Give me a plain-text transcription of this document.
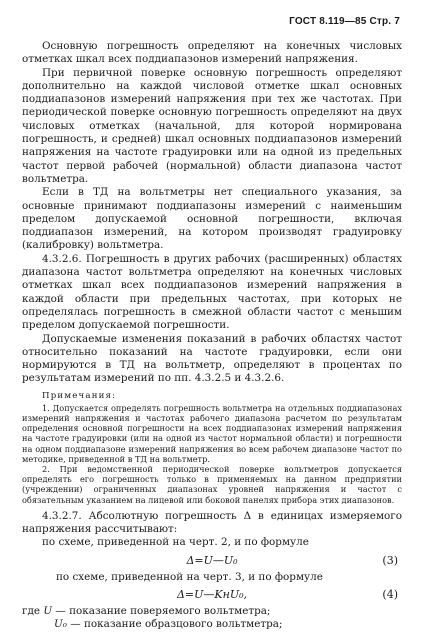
ГОСТ 8.119—85 Стр. 7

Основную погрешность определяют на конечных числовых отметках шкал всех поддиапазонов измерений напряжения.

При первичной поверке основную погрешность определяют дополнительно на каждой числовой отметке шкал основных поддиапазонов измерений напряжения при тех же частотах. При периодической поверке основную погрешность определяют на двух числовых отметках (начальной, для которой нормирована погрешность, и средней) шкал основных поддиапазонов измерений напряжения на частоте градуировки или на одной из предельных частот первой рабочей (нормальной) области диапазона частот вольтметра.

Если в ТД на вольтметры нет специального указания, за основные принимают поддиапазоны измерений с наименьшим пределом допускаемой основной погрешности, включая поддиапазон измерений, на котором производят градуировку (калибровку) вольтметра.

4.3.2.6. Погрешность в других рабочих (расширенных) областях диапазона частот вольтметра определяют на конечных числовых отметках шкал всех поддиапазонов измерений напряжения в каждой области при предельных частотах, при которых не определялась погрешность в смежной области частот с меньшим пределом допускаемой погрешности.

Допускаемые изменения показаний в рабочих областях частот относительно показаний на частоте градуировки, если они нормируются в ТД на вольтметр, определяют в процентах по результатам измерений по пп. 4.3.2.5 и 4.3.2.6.

Примечания:

1. Допускается определять погрешность вольтметра на отдельных поддиапазонах измерений напряжения и частотах рабочего диапазона расчетом по результатам определения основной погрешности на всех поддиапазонах измерений напряжения на частоте градуировки (или на одной из частот нормальной области) и погрешности на одном поддиапазоне измерений напряжения во всем рабочем диапазоне частот по методике, приведенной в ТД на вольтметр.

2. При ведомственной периодической поверке вольтметров допускается определять его погрешность только в применяемых на данном предприятии (учреждении) ограниченных диапазонах уровней напряжения и частот с обязательным указанием на лицевой или боковой панелях прибора этих диапазонов.

4.3.2.7. Абсолютную погрешность Δ в единицах измеряемого напряжения рассчитывают:

по схеме, приведенной на черт. 2, и по формуле

Δ=U—U₀	(3)

по схеме, приведенной на черт. 3, и по формуле

Δ=U—KнU₀,	(4)
где U — показание поверяемого вольтметра;
U₀ — показание образцового вольтметра;
